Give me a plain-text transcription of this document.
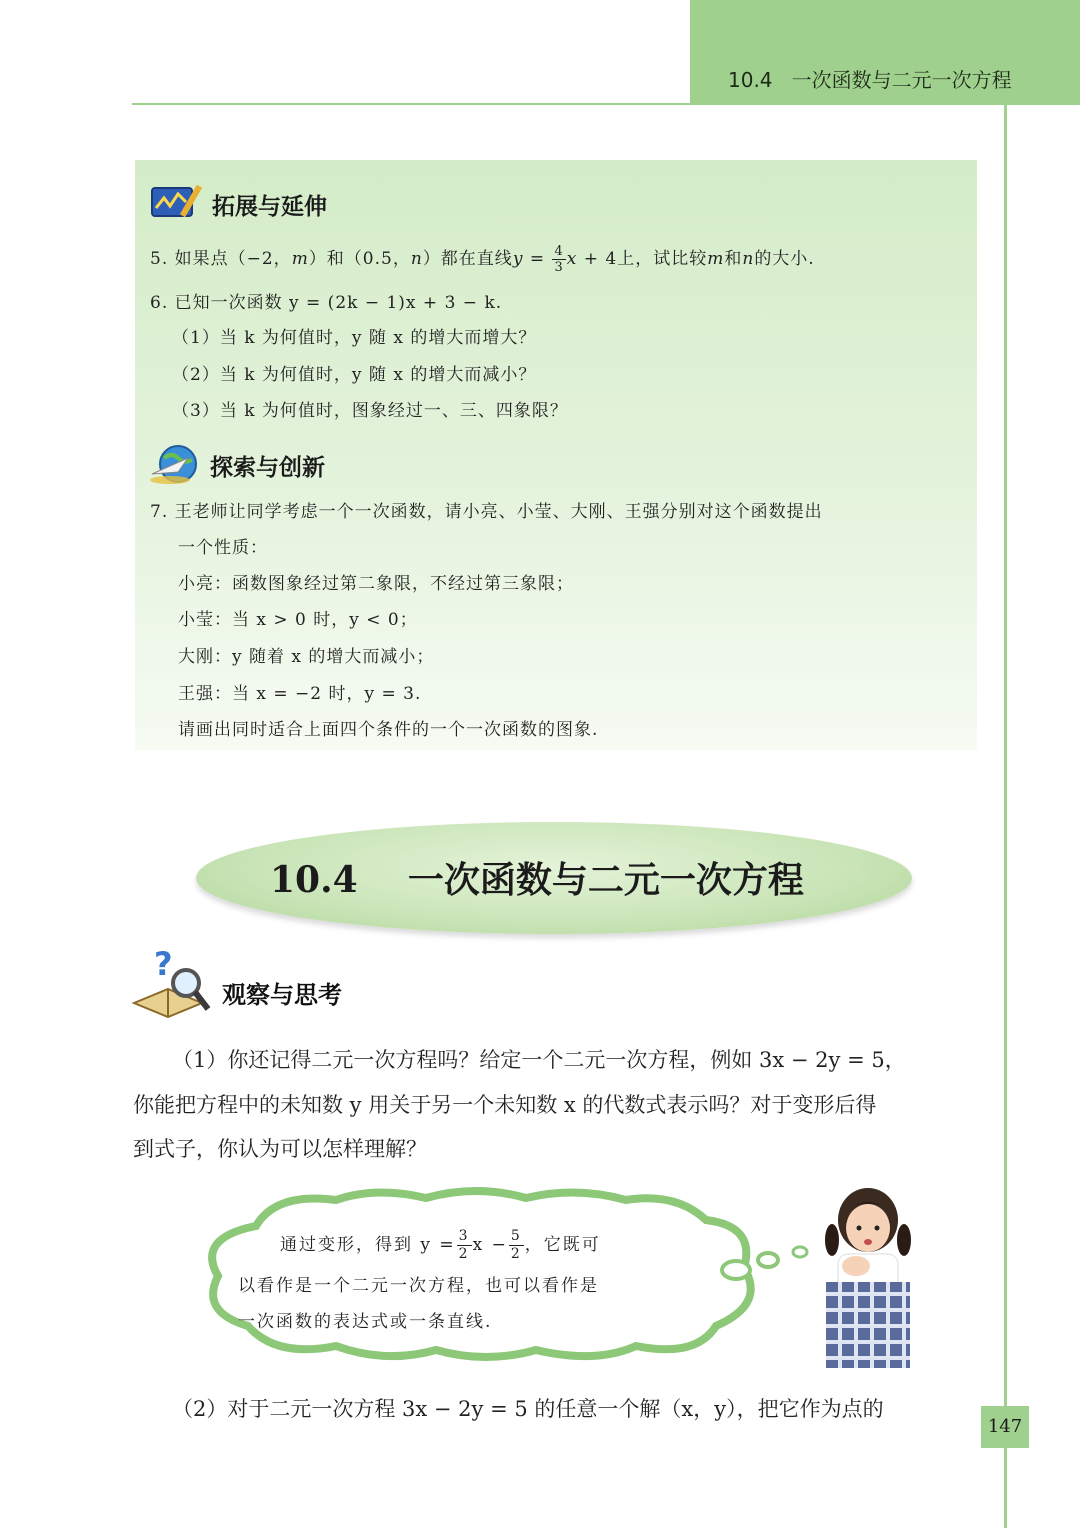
10.4 一次函数与二元一次方程
拓展与延伸
5. 如果点（−2，m）和（0.5，n）都在直线$y = \frac{4}{3}$ x + 4上，试比较m和n的大小.
6. 已知一次函数 y = (2k − 1)x + 3 − k.
（1）当 k 为何值时，y 随 x 的增大而增大？
（2）当 k 为何值时，y 随 x 的增大而减小？
（3）当 k 为何值时，图象经过一、三、四象限？
探索与创新
7. 王老师让同学考虑一个一次函数，请小亮、小莹、大刚、王强分别对这个函数提出
一个性质：
小亮：函数图象经过第二象限，不经过第三象限；
小莹：当 x > 0 时，y < 0；
大刚：y 随着 x 的增大而减小；
王强：当 x = −2 时，y = 3.
请画出同时适合上面四个条件的一个一次函数的图象.
10.4    一次函数与二元一次方程
?
观察与思考
（1）你还记得二元一次方程吗？给定一个二元一次方程，例如 3x − 2y = 5，
你能把方程中的未知数 y 用关于另一个未知数 x 的代数式表示吗？对于变形后得
到式子，你认为可以怎样理解？
通过变形，得到 $y = \frac{3}{2}$ $x - \frac{5}{2}$ ，它既可
以看作是一个二元一次方程，也可以看作是
一次函数的表达式或一条直线.
（2）对于二元一次方程 3x − 2y = 5 的任意一个解（x，y），把它作为点的
147
